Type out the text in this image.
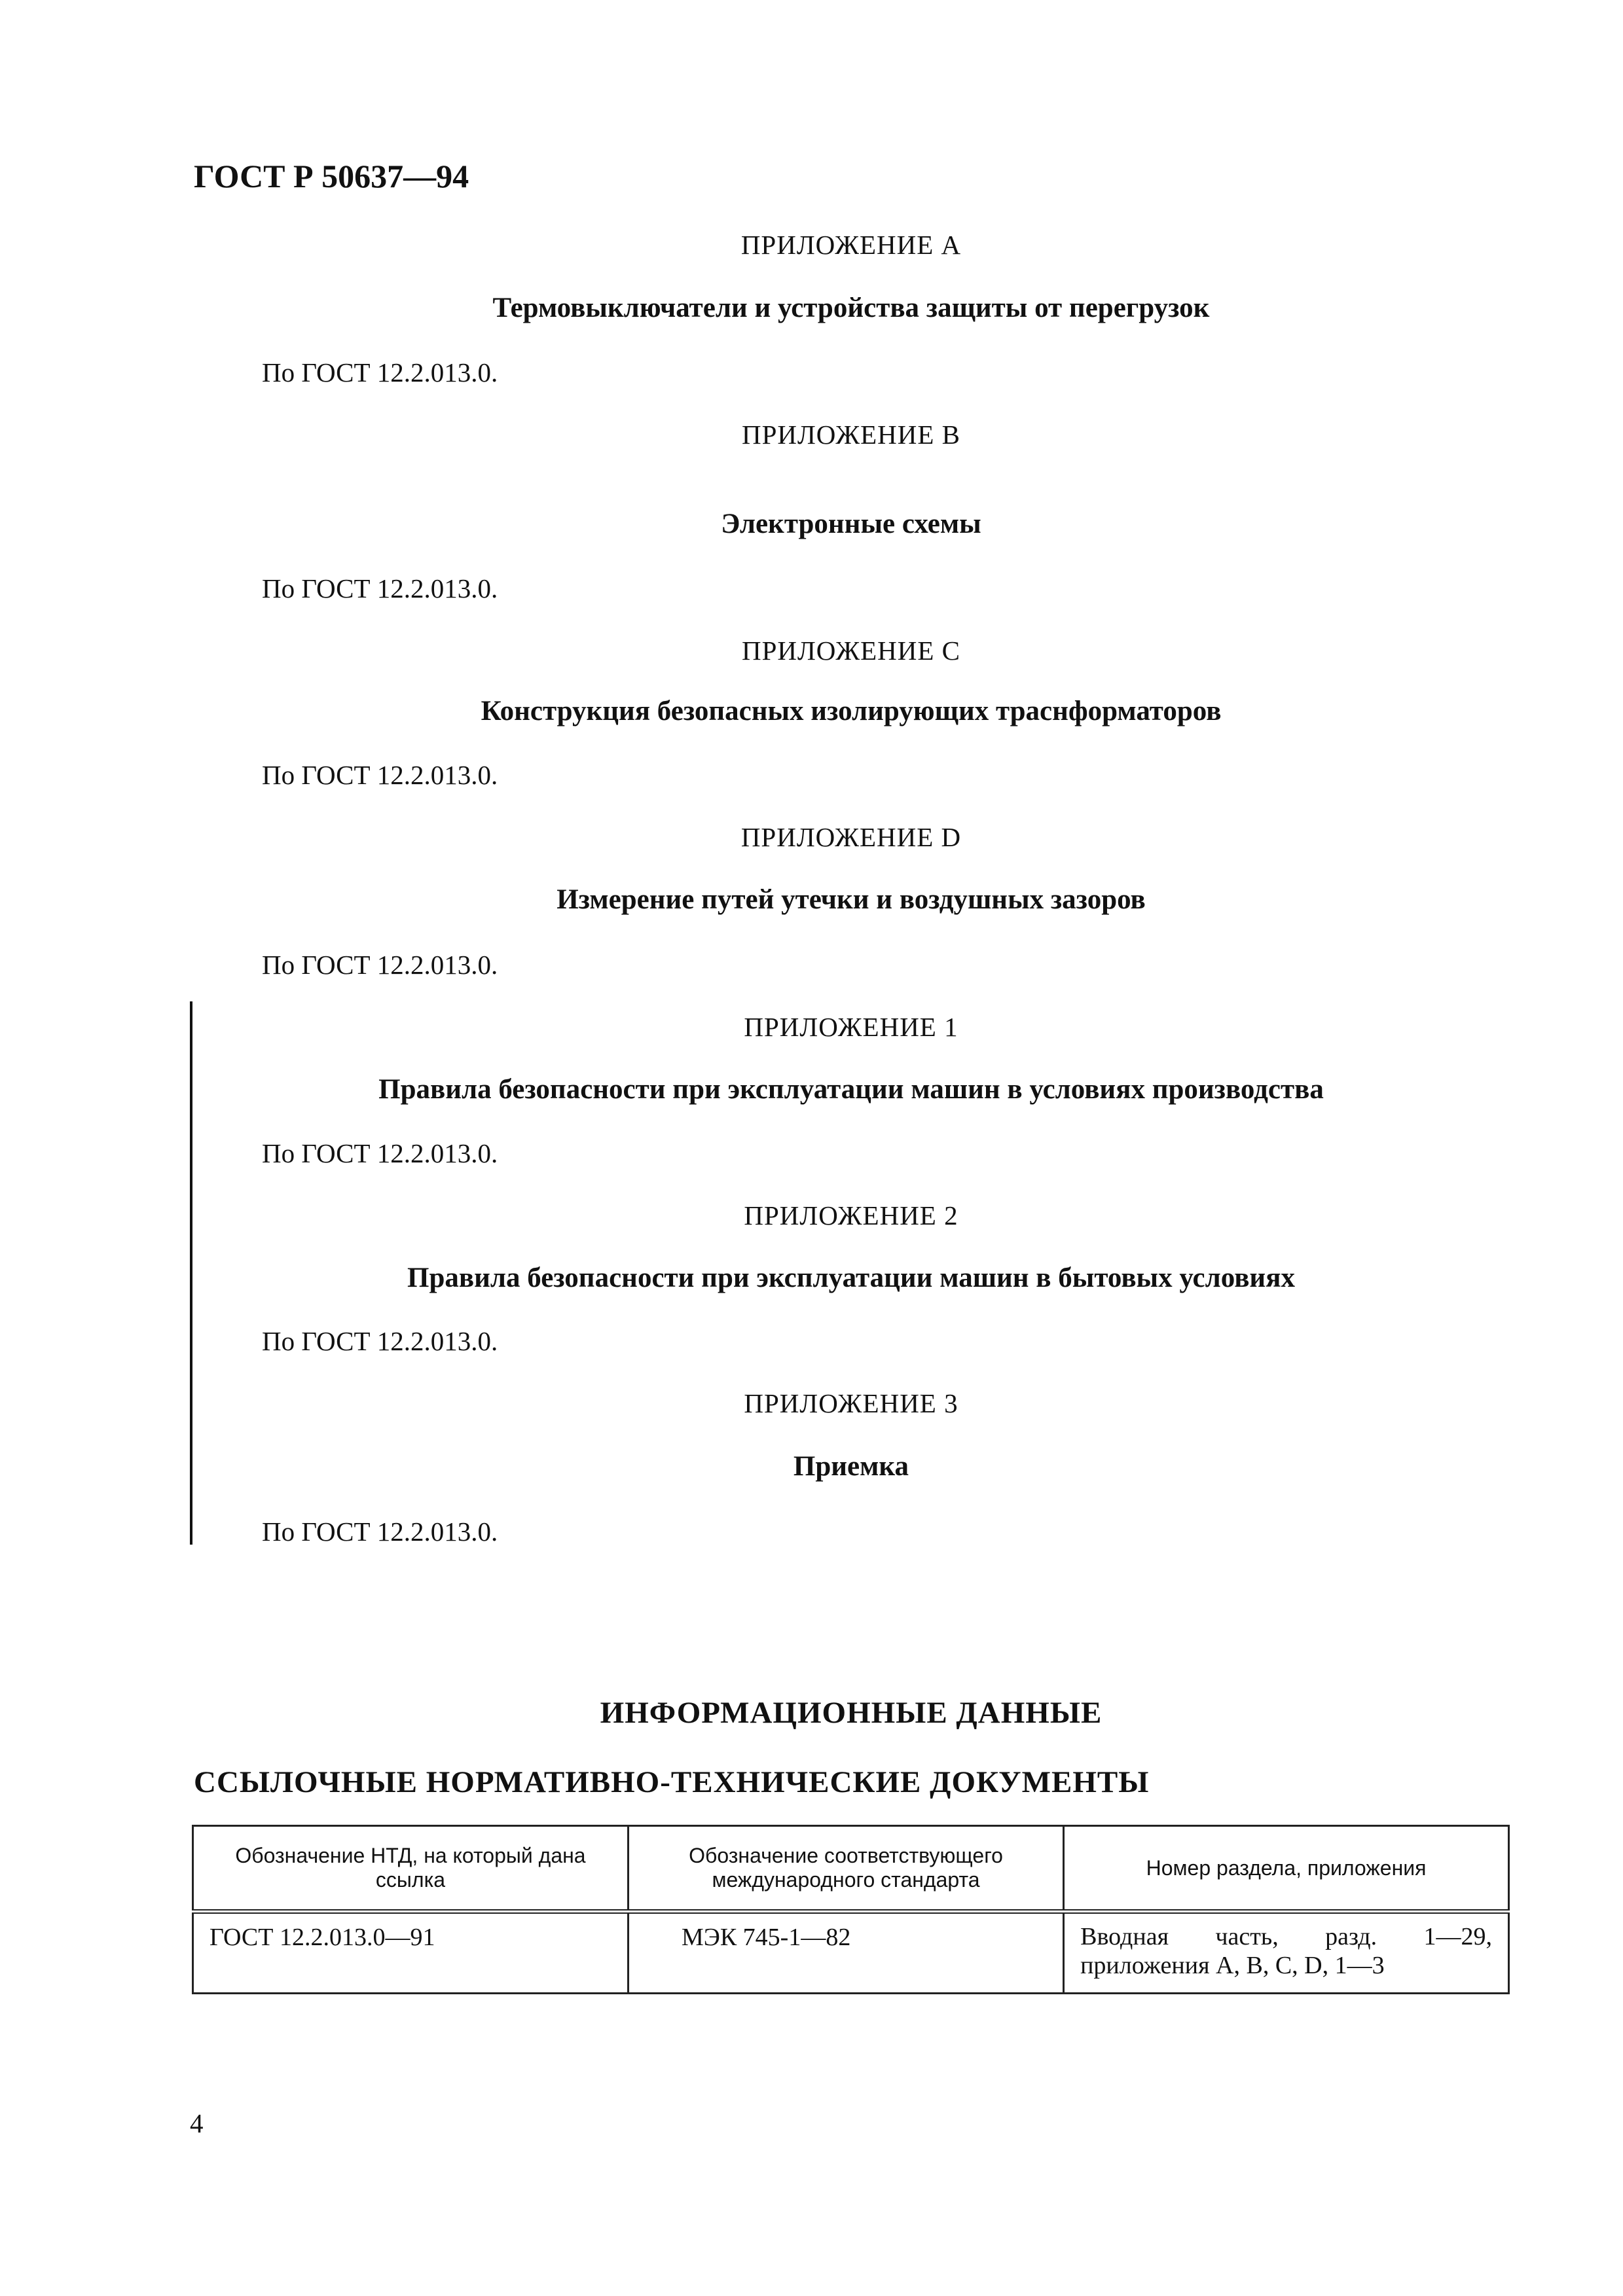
ГОСТ Р 50637—94
ПРИЛОЖЕНИЕ А
Термовыключатели и устройства защиты от перегрузок
По ГОСТ 12.2.013.0.
ПРИЛОЖЕНИЕ В
Электронные схемы
По ГОСТ 12.2.013.0.
ПРИЛОЖЕНИЕ С
Конструкция безопасных изолирующих траснформаторов
По ГОСТ 12.2.013.0.
ПРИЛОЖЕНИЕ D
Измерение путей утечки и воздушных зазоров
По ГОСТ 12.2.013.0.
ПРИЛОЖЕНИЕ 1
Правила безопасности при эксплуатации машин в условиях производства
По ГОСТ 12.2.013.0.
ПРИЛОЖЕНИЕ 2
Правила безопасности при эксплуатации машин в бытовых условиях
По ГОСТ 12.2.013.0.
ПРИЛОЖЕНИЕ 3
Приемка
По ГОСТ 12.2.013.0.
ИНФОРМАЦИОННЫЕ ДАННЫЕ
ССЫЛОЧНЫЕ НОРМАТИВНО-ТЕХНИЧЕСКИЕ ДОКУМЕНТЫ
Обозначение НТД, на который дана ссылка	Обозначение соответствующего международного стандарта	Номер раздела, приложения
ГОСТ 12.2.013.0—91	МЭК 745-1—82	Вводная часть, разд. 1—29, приложения А, В, С, D, 1—3
4
